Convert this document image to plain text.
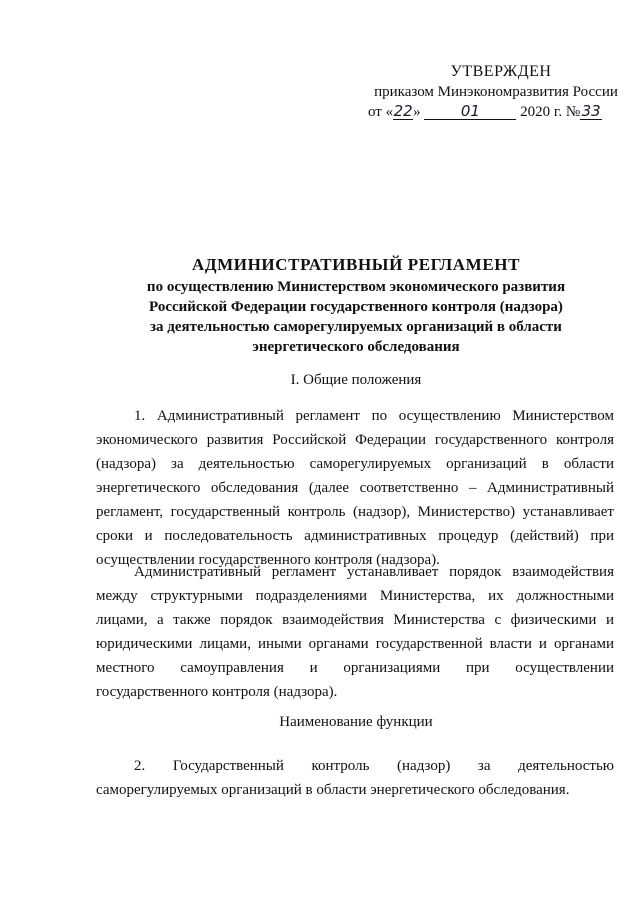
УТВЕРЖДЕН
приказом Минэкономразвития России
от «22»	01	2020 г. №33
АДМИНИСТРАТИВНЫЙ РЕГЛАМЕНТ
по осуществлению Министерством экономического развития
Российской Федерации государственного контроля (надзора)
за деятельностью саморегулируемых организаций в области
энергетического обследования
I. Общие положения
1. Административный регламент по осуществлению Министерством экономического развития Российской Федерации государственного контроля (надзора) за деятельностью саморегулируемых организаций в области энергетического обследования (далее соответственно – Административный регламент, государственный контроль (надзор), Министерство) устанавливает сроки и последовательность административных процедур (действий) при осуществлении государственного контроля (надзора).
Административный регламент устанавливает порядок взаимодействия между структурными подразделениями Министерства, их должностными лицами, а также порядок взаимодействия Министерства с физическими и юридическими лицами, иными органами государственной власти и органами местного самоуправления и организациями при осуществлении государственного контроля (надзора).
Наименование функции
2. Государственный контроль (надзор) за деятельностью саморегулируемых организаций в области энергетического обследования.
